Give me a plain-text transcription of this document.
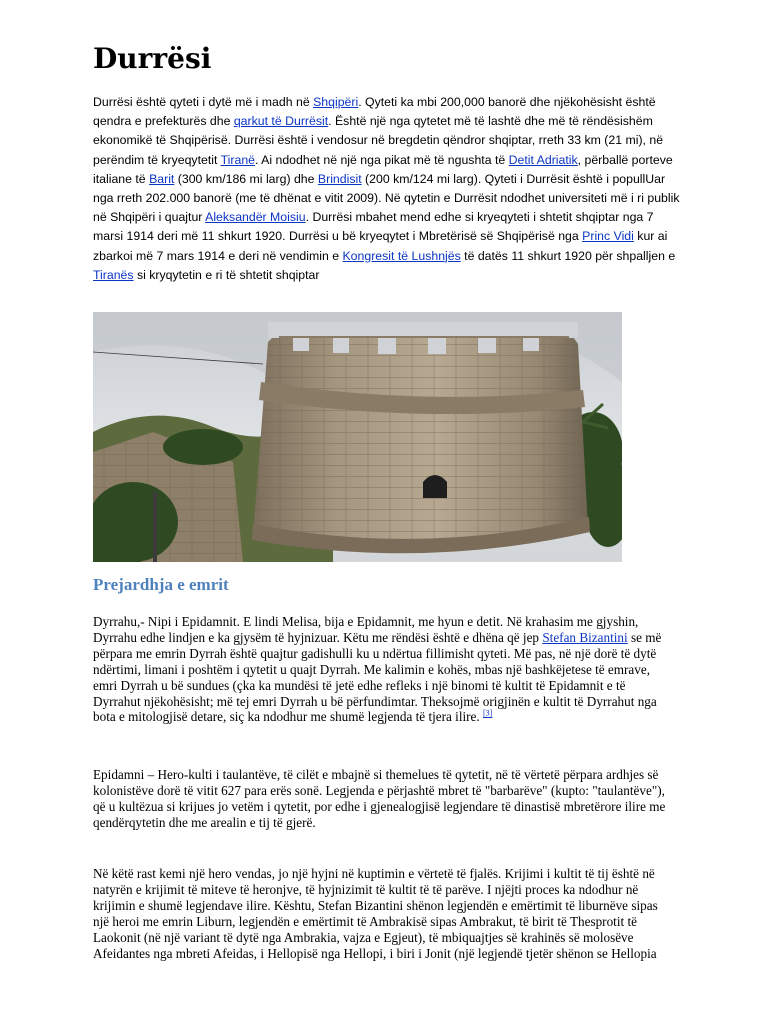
Durrësi

Durrësi është qyteti i dytë më i madh në Shqipëri. Qyteti ka mbi 200,000 banorë dhe njëkohësisht është qendra e prefekturës dhe qarkut të Durrësit. Është një nga qytetet më të lashtë dhe më të rëndësishëm ekonomikë të Shqipërisë. Durrësi është i vendosur në bregdetin qëndror shqiptar, rreth 33 km (21 mi), në perëndim të kryeqytetit Tiranë. Ai ndodhet në një nga pikat më të ngushta të Detit Adriatik, përballë porteve italiane të Barit (300 km/186 mi larg) dhe Brindisit (200 km/124 mi larg). Qyteti i Durrësit është i popullUar nga rreth 202.000 banorë (me të dhënat e vitit 2009). Në qytetin e Durrësit ndodhet universiteti më i ri publik në Shqipëri i quajtur Aleksandër Moisiu. Durrësi mbahet mend edhe si kryeqyteti i shtetit shqiptar nga 7 marsi 1914 deri më 11 shkurt 1920. Durrësi u bë kryeqytet i Mbretërisë së Shqipërisë nga Princ Vidi kur ai zbarkoi më 7 mars 1914 e deri në vendimin e Kongresit të Lushnjës të datës 11 shkurt 1920 për shpalljen e Tiranës si kryqytetin e ri të shtetit shqiptar

Prejardhja e emrit

Dyrrahu,- Nipi i Epidamnit. E lindi Melisa, bija e Epidamnit, me hyun e detit. Në krahasim me gjyshin, Dyrrahu edhe lindjen e ka gjysëm të hyjnizuar. Këtu me rëndësi është e dhëna që jep Stefan Bizantini se më përpara me emrin Dyrrah është quajtur gadishulli ku u ndërtua fillimisht qyteti. Më pas, në një dorë të dytë ndërtimi, limani i poshtëm i qytetit u quajt Dyrrah. Me kalimin e kohës, mbas një bashkëjetese të emrave, emri Dyrrah u bë sundues (çka ka mundësi të jetë edhe refleks i një binomi të kultit të Epidamnit e të Dyrrahut njëkohësisht; më tej emri Dyrrah u bë përfundimtar. Theksojmë origjinën e kultit të Dyrrahut nga bota e mitologjisë detare, siç ka ndodhur me shumë legjenda të tjera ilire. [3]

Epidamni – Hero-kulti i taulantëve, të cilët e mbajnë si themelues të qytetit, në të vërtetë përpara ardhjes së kolonistëve dorë të vitit 627 para erës sonë. Legjenda e përjashtë mbret të "barbarëve" (kupto: "taulantëve"), që u kultëzua si krijues jo vetëm i qytetit, por edhe i gjenealogjisë legjendare të dinastisë mbretërore ilire me qendërqytetin dhe me arealin e tij të gjerë.

Në këtë rast kemi një hero vendas, jo një hyjni në kuptimin e vërtetë të fjalës. Krijimi i kultit të tij është në natyrën e krijimit të miteve të heronjve, të hyjnizimit të kultit të të parëve. I njëjti proces ka ndodhur në krijimin e shumë legjendave ilire. Kështu, Stefan Bizantini shënon legjendën e emërtimit të liburnëve sipas një heroi me emrin Liburn, legjendën e emërtimit të Ambrakisë sipas Ambrakut, të birit të Thesprotit të Laokonit (në një variant të dytë nga Ambrakia, vajza e Egjeut), të mbiquajtjes së krahinës së molosëve Afeidantes nga mbreti Afeidas, i Hellopisë nga Hellopi, i biri i Jonit (një legjendë tjetër shënon se Hellopia
